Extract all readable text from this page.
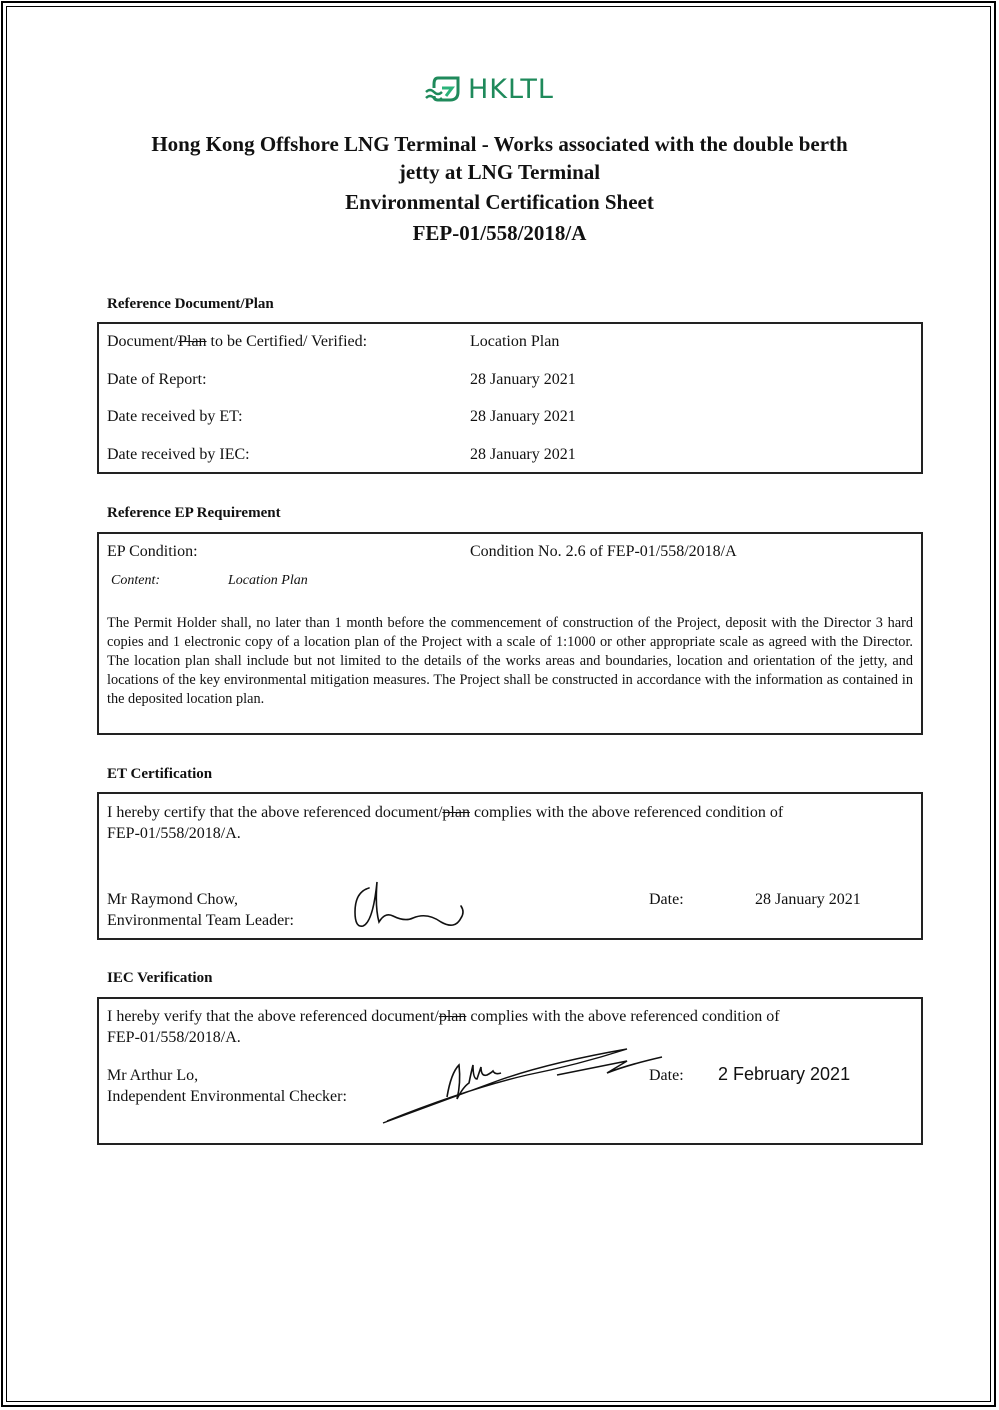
HKLTL
Hong Kong Offshore LNG Terminal - Works associated with the double berth
jetty at LNG Terminal
Environmental Certification Sheet
FEP-01/558/2018/A
Reference Document/Plan
Document/Plan to be Certified/ Verified:	Location Plan
Date of Report:	28 January 2021
Date received by ET:	28 January 2021
Date received by IEC:	28 January 2021
Reference EP Requirement
EP Condition:	Condition No. 2.6 of FEP-01/558/2018/A
Content:	Location Plan
The Permit Holder shall, no later than 1 month before the commencement of construction of the Project, deposit with the Director 3 hard copies and 1 electronic copy of a location plan of the Project with a scale of 1:1000 or other appropriate scale as agreed with the Director. The location plan shall include but not limited to the details of the works areas and boundaries, location and orientation of the jetty, and locations of the key environmental mitigation measures. The Project shall be constructed in accordance with the information as contained in the deposited location plan.
ET Certification
I hereby certify that the above referenced document/plan complies with the above referenced condition of
FEP-01/558/2018/A.
Mr Raymond Chow,
Environmental Team Leader:
Date:	28 January 2021
IEC Verification
I hereby verify that the above referenced document/plan complies with the above referenced condition of
FEP-01/558/2018/A.
Mr Arthur Lo,
Independent Environmental Checker:
Date: 2 February 2021
